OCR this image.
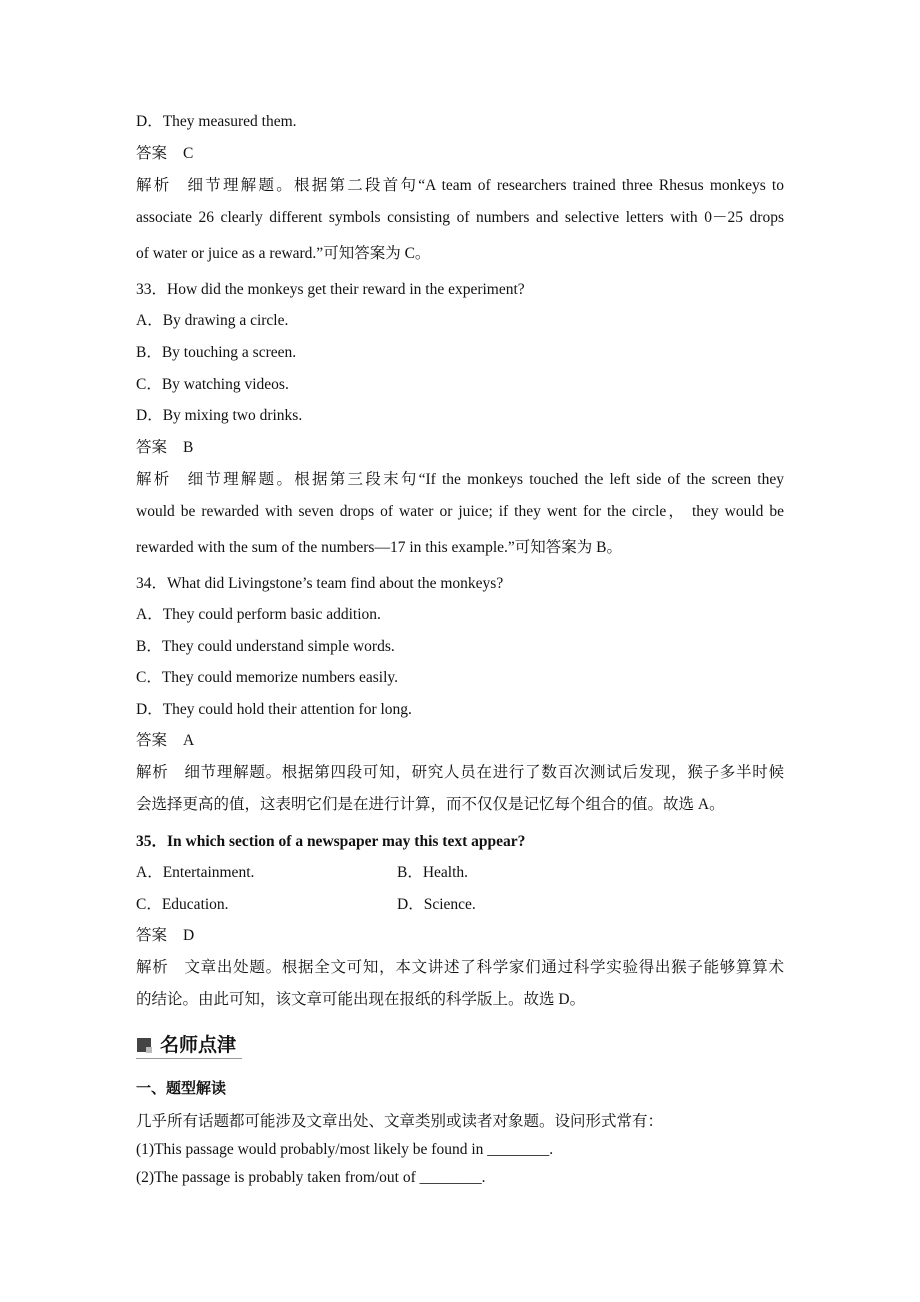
D．They measured them.
答案 C
解析 细节理解题。根据第二段首句“A team of researchers trained three Rhesus monkeys to
associate 26 clearly different symbols consisting of numbers and selective letters with 0－25 drops
of water or juice as a reward.”可知答案为 C。
33．How did the monkeys get their reward in the experiment?
A．By drawing a circle.
B．By touching a screen.
C．By watching videos.
D．By mixing two drinks.
答案 B
解析 细节理解题。根据第三段末句“If the monkeys touched the left side of the screen they
would be rewarded with seven drops of water or juice; if they went for the circle， they would be
rewarded with the sum of the numbers—17 in this example.”可知答案为 B。
34．What did Livingstone’s team find about the monkeys?
A．They could perform basic addition.
B．They could understand simple words.
C．They could memorize numbers easily.
D．They could hold their attention for long.
答案 A
解析 细节理解题。根据第四段可知，研究人员在进行了数百次测试后发现，猴子多半时候
会选择更高的值，这表明它们是在进行计算，而不仅仅是记忆每个组合的值。故选 A。
35．In which section of a newspaper may this text appear?
A．Entertainment.	B．Health.
C．Education.	D．Science.
答案 D
解析 文章出处题。根据全文可知，本文讲述了科学家们通过科学实验得出猴子能够算算术
的结论。由此可知，该文章可能出现在报纸的科学版上。故选 D。
名师点津
一、题型解读
几乎所有话题都可能涉及文章出处、文章类别或读者对象题。设问形式常有：
(1)This passage would probably/most likely be found in ________.
(2)The passage is probably taken from/out of ________.
